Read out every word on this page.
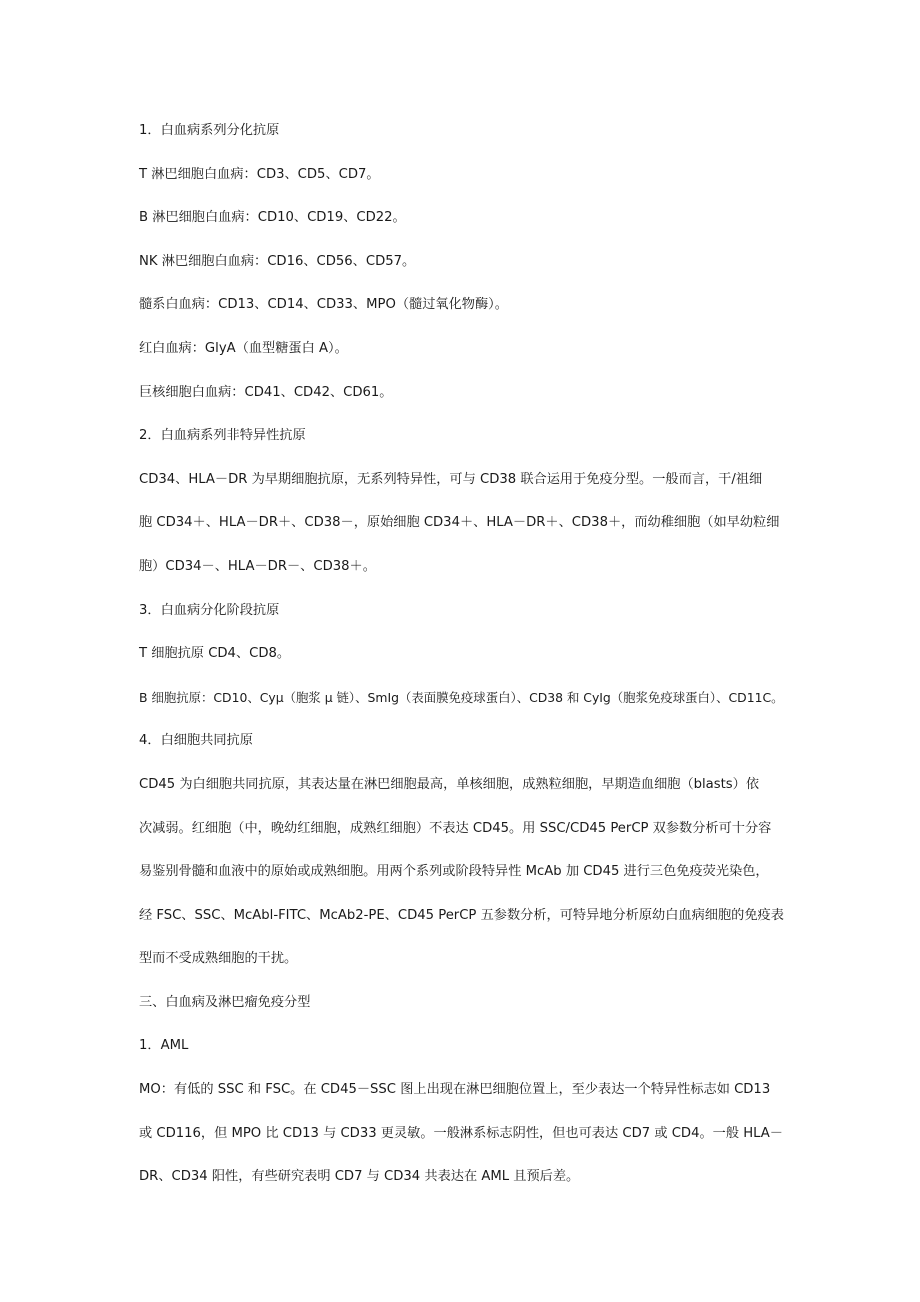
1．白血病系列分化抗原
T 淋巴细胞白血病：CD3、CD5、CD7。
B 淋巴细胞白血病：CD10、CD19、CD22。
NK 淋巴细胞白血病：CD16、CD56、CD57。
髓系白血病：CD13、CD14、CD33、MPO（髓过氧化物酶）。
红白血病：GlyA（血型糖蛋白 A）。
巨核细胞白血病：CD41、CD42、CD61。
2．白血病系列非特异性抗原
CD34、HLA－DR 为早期细胞抗原，无系列特异性，可与 CD38 联合运用于免疫分型。一般而言，干/祖细
胞 CD34＋、HLA－DR＋、CD38－，原始细胞 CD34＋、HLA－DR＋、CD38＋，而幼稚细胞（如早幼粒细
胞）CD34－、HLA－DR－、CD38＋。
3．白血病分化阶段抗原
T 细胞抗原 CD4、CD8。
B 细胞抗原：CD10、Cyμ（胞浆 μ 链）、SmIg（表面膜免疫球蛋白）、CD38 和 CyIg（胞浆免疫球蛋白）、CD11C。
4．白细胞共同抗原
CD45 为白细胞共同抗原，其表达量在淋巴细胞最高，单核细胞，成熟粒细胞，早期造血细胞（blasts）依
次减弱。红细胞（中，晚幼红细胞，成熟红细胞）不表达 CD45。用 SSC/CD45 PerCP 双参数分析可十分容
易鉴别骨髓和血液中的原始或成熟细胞。用两个系列或阶段特异性 McAb 加 CD45 进行三色免疫荧光染色，
经 FSC、SSC、McAbl-FITC、McAb2-PE、CD45 PerCP 五参数分析，可特异地分析原幼白血病细胞的免疫表
型而不受成熟细胞的干扰。
三、白血病及淋巴瘤免疫分型
1．AML
MO：有低的 SSC 和 FSC。在 CD45－SSC 图上出现在淋巴细胞位置上，至少表达一个特异性标志如 CD13
或 CD116，但 MPO 比 CD13 与 CD33 更灵敏。一般淋系标志阴性，但也可表达 CD7 或 CD4。一般 HLA－
DR、CD34 阳性，有些研究表明 CD7 与 CD34 共表达在 AML 且预后差。
